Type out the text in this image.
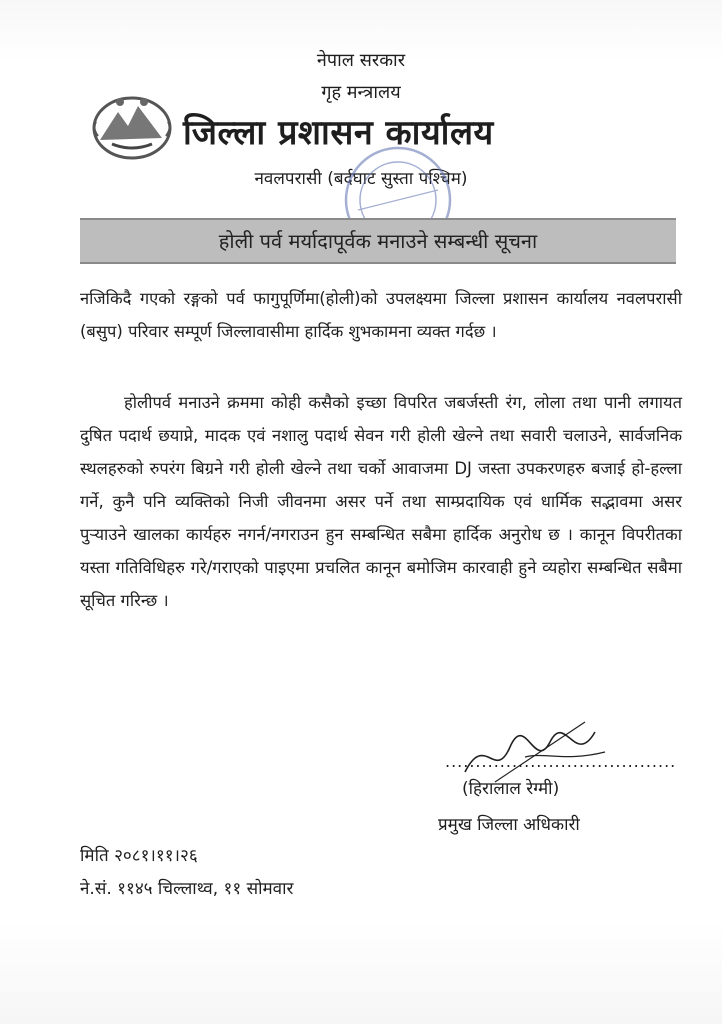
नेपाल सरकार
गृह मन्त्रालय
जिल्ला प्रशासन कार्यालय
नवलपरासी (बर्दघाट सुस्ता पश्चिम)
होली पर्व मर्यादापूर्वक मनाउने सम्बन्धी सूचना
नजिकिदै गएको रङ्गको पर्व फागुपूर्णिमा(होली)को उपलक्ष्यमा जिल्ला प्रशासन कार्यालय नवलपरासी (बसुप) परिवार सम्पूर्ण जिल्लावासीमा हार्दिक शुभकामना व्यक्त गर्दछ ।
होलीपर्व मनाउने क्रममा कोही कसैको इच्छा विपरित जबर्जस्ती रंग, लोला तथा पानी लगायत दुषित पदार्थ छयाप्ने, मादक एवं नशालु पदार्थ सेवन गरी होली खेल्ने तथा सवारी चलाउने, सार्वजनिक स्थलहरुको रुपरंग बिग्रने गरी होली खेल्ने तथा चर्को आवाजमा DJ जस्ता उपकरणहरु बजाई हो-हल्ला गर्ने, कुनै पनि व्यक्तिको निजी जीवनमा असर पर्ने तथा साम्प्रदायिक एवं धार्मिक सद्भावमा असर पुर्‍याउने खालका कार्यहरु नगर्न/नगराउन हुन सम्बन्धित सबैमा हार्दिक अनुरोध छ । कानून विपरीतका यस्ता गतिविधिहरु गरे/गराएको पाइएमा प्रचलित कानून बमोजिम कारवाही हुने व्यहोरा सम्बन्धित सबैमा सूचित गरिन्छ ।
......................................
(हिरालाल रेग्मी)
प्रमुख जिल्ला अधिकारी
मिति २०८१।११।२६
ने.सं. ११४५ चिल्लाथ्व, ११ सोमवार
